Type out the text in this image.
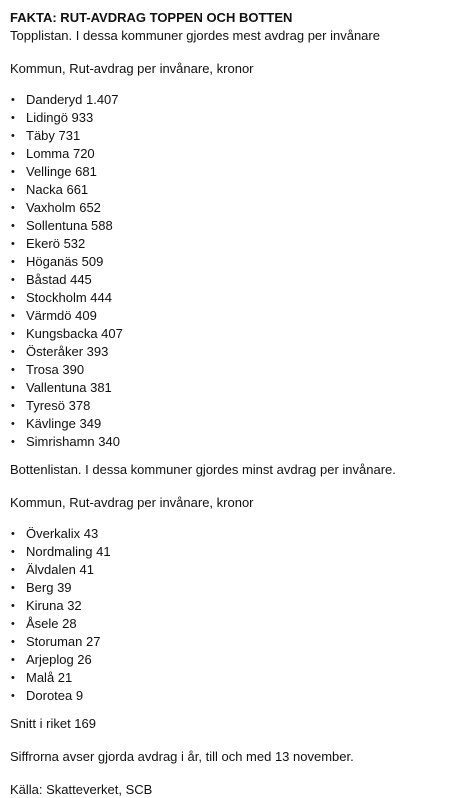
FAKTA: RUT-AVDRAG TOPPEN OCH BOTTEN

Topplistan. I dessa kommuner gjordes mest avdrag per invånare

Kommun, Rut-avdrag per invånare, kronor

• Danderyd 1.407
• Lidingö 933
• Täby 731
• Lomma 720
• Vellinge 681
• Nacka 661
• Vaxholm 652
• Sollentuna 588
• Ekerö 532
• Höganäs 509
• Båstad 445
• Stockholm 444
• Värmdö 409
• Kungsbacka 407
• Österåker 393
• Trosa 390
• Vallentuna 381
• Tyresö 378
• Kävlinge 349
• Simrishamn 340

Bottenlistan. I dessa kommuner gjordes minst avdrag per invånare.

Kommun, Rut-avdrag per invånare, kronor

• Överkalix 43
• Nordmaling 41
• Älvdalen 41
• Berg 39
• Kiruna 32
• Åsele 28
• Storuman 27
• Arjeplog 26
• Malå 21
• Dorotea 9

Snitt i riket 169

Siffrorna avser gjorda avdrag i år, till och med 13 november.

Källa: Skatteverket, SCB
